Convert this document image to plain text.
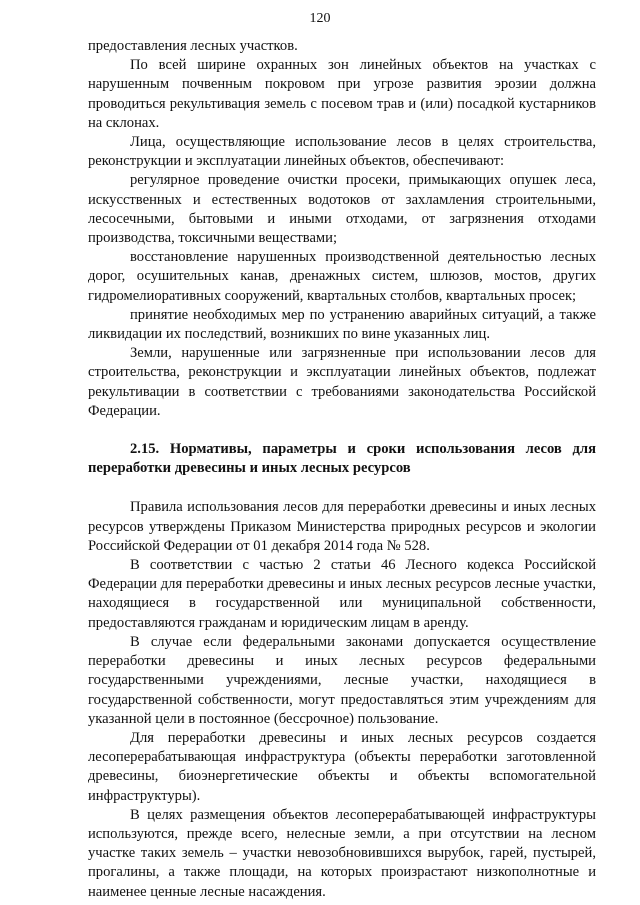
120

предоставления лесных участков.

По всей ширине охранных зон линейных объектов на участках с нарушенным почвенным покровом при угрозе развития эрозии должна проводиться рекультивация земель с посевом трав и (или) посадкой кустарников на склонах.

Лица, осуществляющие использование лесов в целях строительства, реконструкции и эксплуатации линейных объектов, обеспечивают:

регулярное проведение очистки просеки, примыкающих опушек леса, искусственных и естественных водотоков от захламления строительными, лесосечными, бытовыми и иными отходами, от загрязнения отходами производства, токсичными веществами;

восстановление нарушенных производственной деятельностью лесных дорог, осушительных канав, дренажных систем, шлюзов, мостов, других гидромелиоративных сооружений, квартальных столбов, квартальных просек;

принятие необходимых мер по устранению аварийных ситуаций, а также ликвидации их последствий, возникших по вине указанных лиц.

Земли, нарушенные или загрязненные при использовании лесов для строительства, реконструкции и эксплуатации линейных объектов, подлежат рекультивации в соответствии с требованиями законодательства Российской Федерации.

2.15. Нормативы, параметры и сроки использования лесов для переработки древесины и иных лесных ресурсов

Правила использования лесов для переработки древесины и иных лесных ресурсов утверждены Приказом Министерства природных ресурсов и экологии Российской Федерации от 01 декабря 2014 года № 528.

В соответствии с частью 2 статьи 46 Лесного кодекса Российской Федерации для переработки древесины и иных лесных ресурсов лесные участки, находящиеся в государственной или муниципальной собственности, предоставляются гражданам и юридическим лицам в аренду.

В случае если федеральными законами допускается осуществление переработки древесины и иных лесных ресурсов федеральными государственными учреждениями, лесные участки, находящиеся в государственной собственности, могут предоставляться этим учреждениям для указанной цели в постоянное (бессрочное) пользование.

Для переработки древесины и иных лесных ресурсов создается лесоперерабатывающая инфраструктура (объекты переработки заготовленной древесины, биоэнергетические объекты и объекты вспомогательной инфраструктуры).

В целях размещения объектов лесоперерабатывающей инфраструктуры используются, прежде всего, нелесные земли, а при отсутствии на лесном участке таких земель – участки невозобновившихся вырубок, гарей, пустырей, прогалины, а также площади, на которых произрастают низкополнотные и наименее ценные лесные насаждения.
